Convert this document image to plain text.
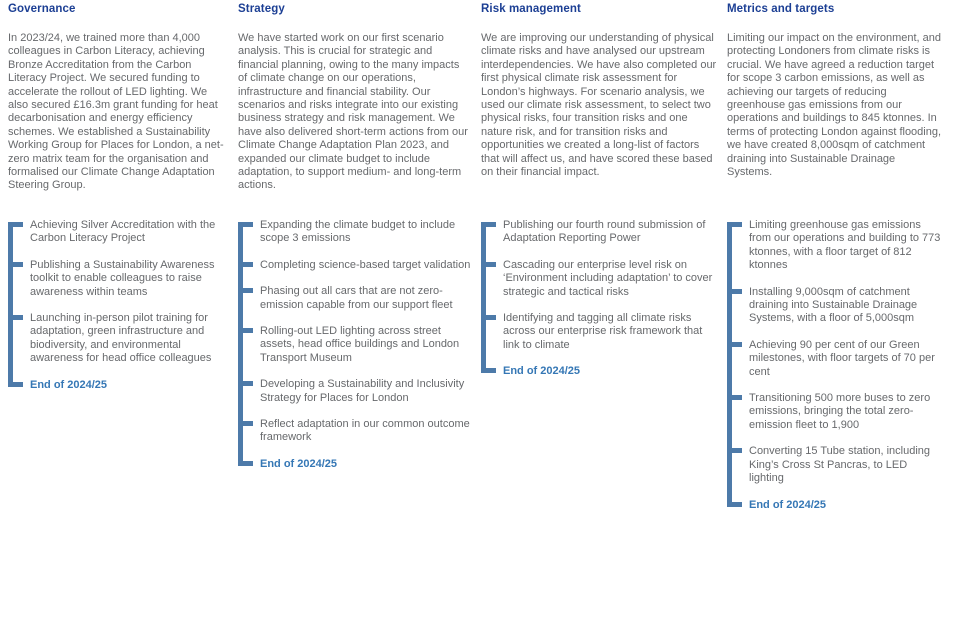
Governance

In 2023/24, we trained more than 4,000 colleagues in Carbon Literacy, achieving Bronze Accreditation from the Carbon Literacy Project. We secured funding to accelerate the rollout of LED lighting. We also secured £16.3m grant funding for heat decarbonisation and energy efficiency schemes. We established a Sustainability Working Group for Places for London, a net-zero matrix team for the organisation and formalised our Climate Change Adaptation Steering Group.

Achieving Silver Accreditation with the Carbon Literacy Project
Publishing a Sustainability Awareness toolkit to enable colleagues to raise awareness within teams
Launching in-person pilot training for adaptation, green infrastructure and biodiversity, and environmental awareness for head office colleagues
End of 2024/25
Strategy

We have started work on our first scenario analysis. This is crucial for strategic and financial planning, owing to the many impacts of climate change on our operations, infrastructure and financial stability. Our scenarios and risks integrate into our existing business strategy and risk management. We have also delivered short-term actions from our Climate Change Adaptation Plan 2023, and expanded our climate budget to include adaptation, to support medium- and long-term actions.

Expanding the climate budget to include scope 3 emissions
Completing science-based target validation
Phasing out all cars that are not zero-emission capable from our support fleet
Rolling-out LED lighting across street assets, head office buildings and London Transport Museum
Developing a Sustainability and Inclusivity Strategy for Places for London
Reflect adaptation in our common outcome framework
End of 2024/25
Risk management

We are improving our understanding of physical climate risks and have analysed our upstream interdependencies. We have also completed our first physical climate risk assessment for London’s highways. For scenario analysis, we used our climate risk assessment, to select two physical risks, four transition risks and one nature risk, and for transition risks and opportunities we created a long-list of factors that will affect us, and have scored these based on their financial impact.

Publishing our fourth round submission of Adaptation Reporting Power
Cascading our enterprise level risk on ‘Environment including adaptation’ to cover strategic and tactical risks
Identifying and tagging all climate risks across our enterprise risk framework that link to climate
End of 2024/25
Metrics and targets

Limiting our impact on the environment, and protecting Londoners from climate risks is crucial. We have agreed a reduction target for scope 3 carbon emissions, as well as achieving our targets of reducing greenhouse gas emissions from our operations and buildings to 845 ktonnes. In terms of protecting London against flooding, we have created 8,000sqm of catchment draining into Sustainable Drainage Systems.

Limiting greenhouse gas emissions from our operations and building to 773 ktonnes, with a floor target of 812 ktonnes
Installing 9,000sqm of catchment draining into Sustainable Drainage Systems, with a floor of 5,000sqm
Achieving 90 per cent of our Green milestones, with floor targets of 70 per cent
Transitioning 500 more buses to zero emissions, bringing the total zero-emission fleet to 1,900
Converting 15 Tube station, including King’s Cross St Pancras, to LED lighting
End of 2024/25
